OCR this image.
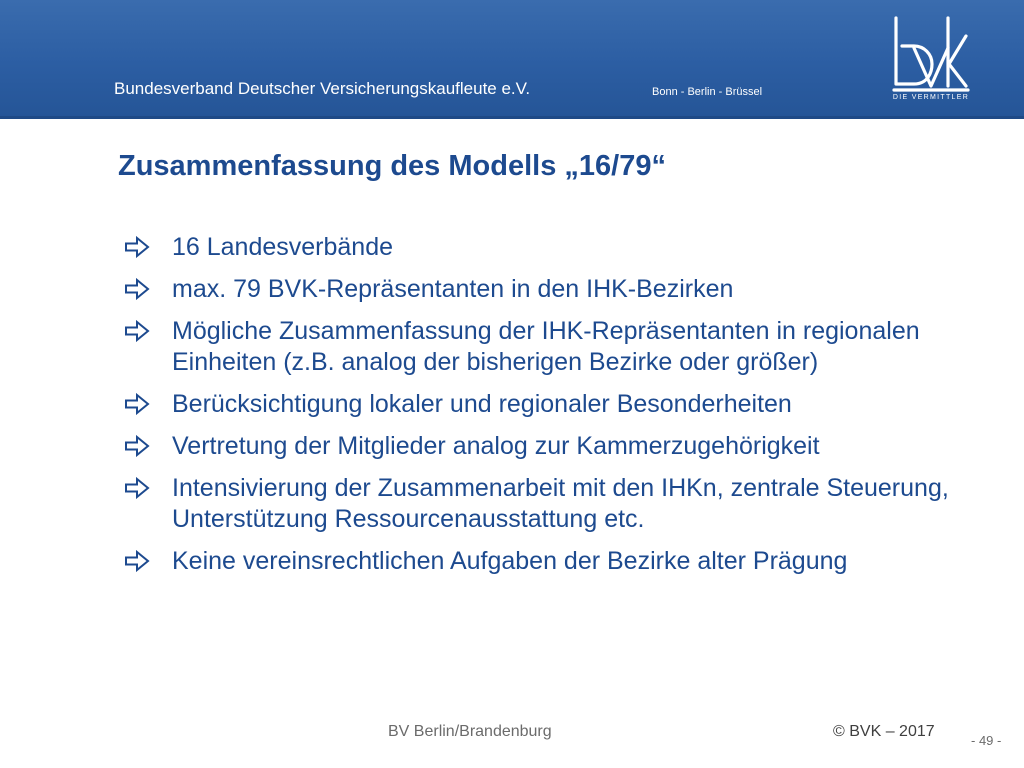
Bundesverband Deutscher Versicherungskaufleute e.V.	Bonn - Berlin - Brüssel	DIE VERMITTLER
Zusammenfassung des Modells „16/79“
16 Landesverbände
max. 79 BVK-Repräsentanten in den IHK-Bezirken
Mögliche Zusammenfassung der IHK-Repräsentanten in regionalen Einheiten (z.B. analog der bisherigen Bezirke oder größer)
Berücksichtigung lokaler und regionaler Besonderheiten
Vertretung der Mitglieder analog zur Kammerzugehörigkeit
Intensivierung der Zusammenarbeit mit den IHKn, zentrale Steuerung, Unterstützung Ressourcenausstattung etc.
Keine vereinsrechtlichen Aufgaben der Bezirke alter Prägung
BV Berlin/Brandenburg	© BVK – 2017
- 49 -
